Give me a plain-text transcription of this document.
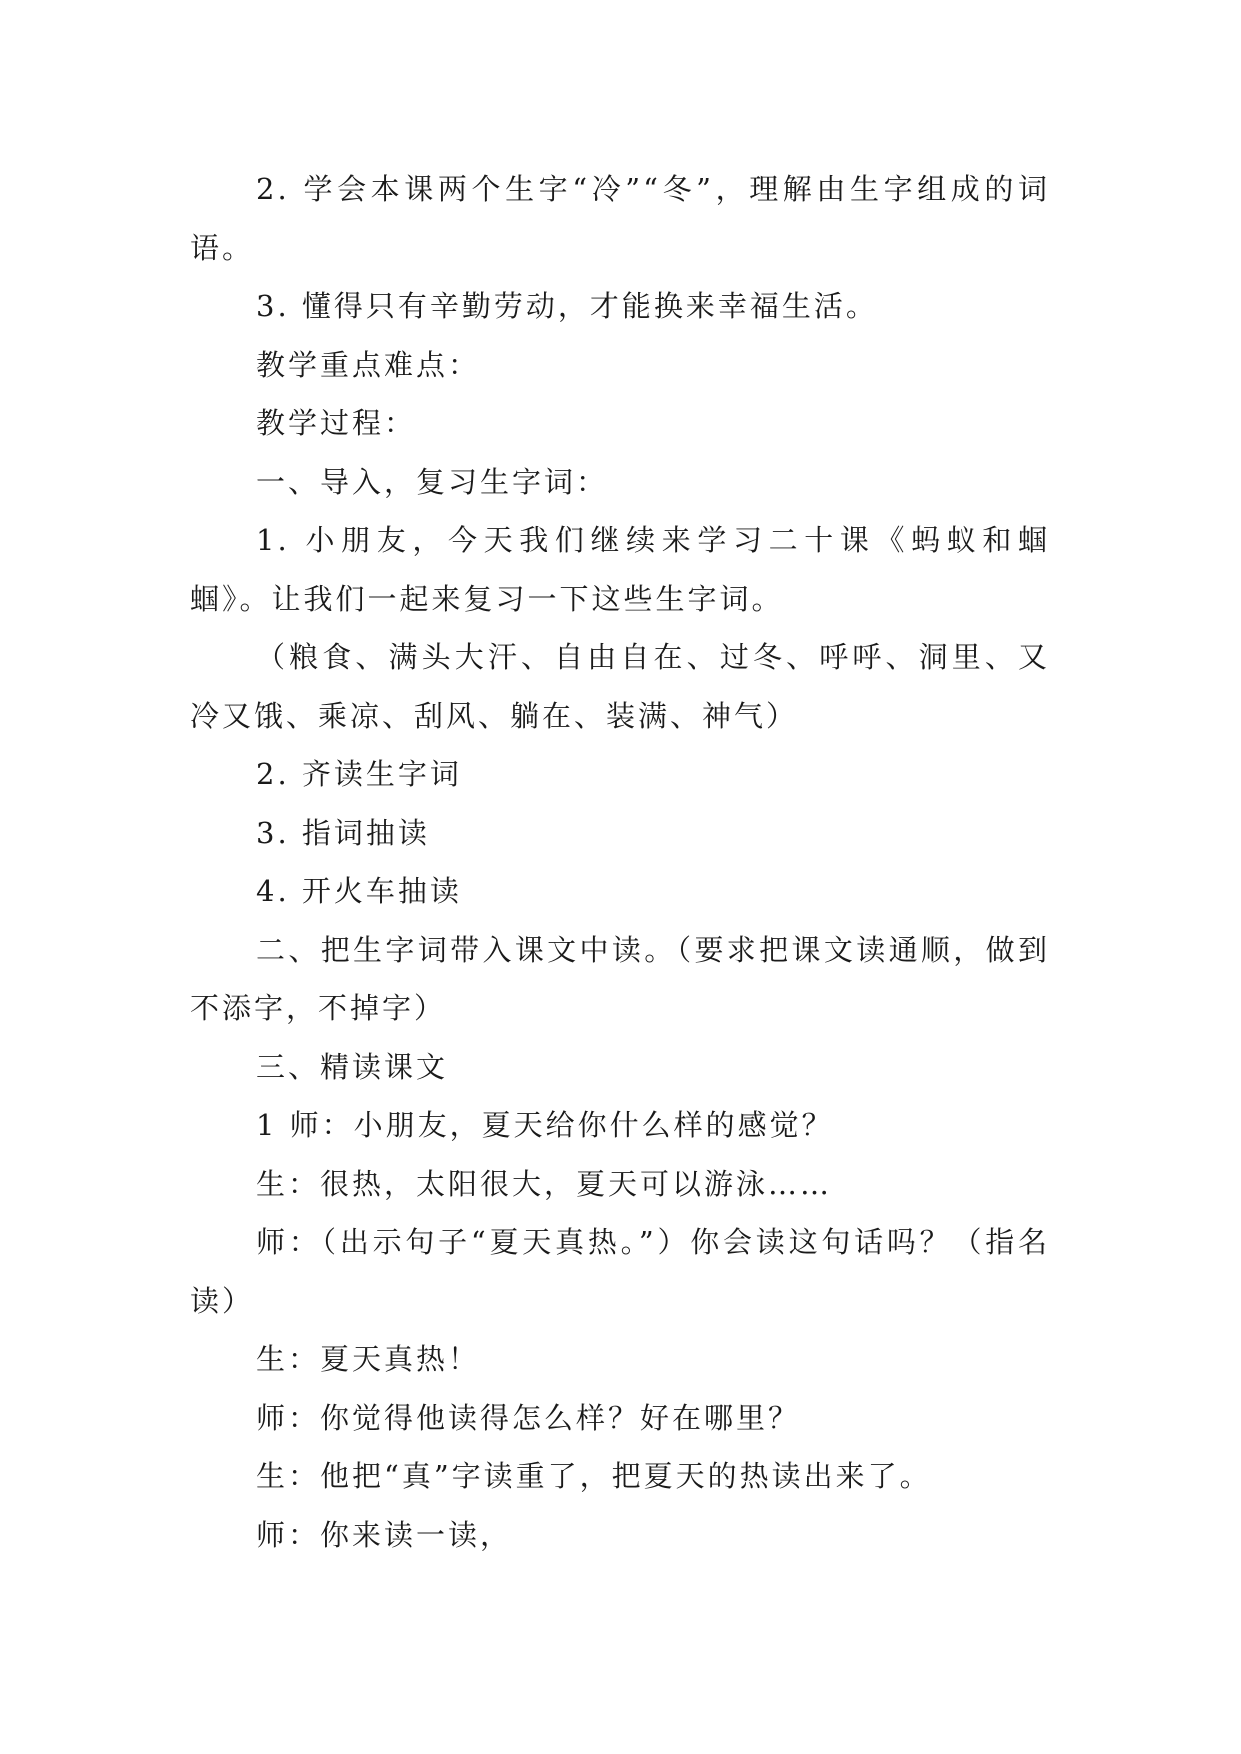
2. 学会本课两个生字“冷”“冬”，理解由生字组成的词语。

3. 懂得只有辛勤劳动，才能换来幸福生活。

教学重点难点：

教学过程：

一、导入，复习生字词：

1. 小朋友，今天我们继续来学习二十课《蚂蚁和蝈蝈》。让我们一起来复习一下这些生字词。

（粮食、满头大汗、自由自在、过冬、呼呼、洞里、又冷又饿、乘凉、刮风、躺在、装满、神气）

2. 齐读生字词

3. 指词抽读

4. 开火车抽读

二、把生字词带入课文中读。（要求把课文读通顺，做到不添字，不掉字）

三、精读课文

1 师：小朋友，夏天给你什么样的感觉？

生：很热，太阳很大，夏天可以游泳……

师：（出示句子“夏天真热。”）你会读这句话吗？（指名读）

生：夏天真热！

师：你觉得他读得怎么样？好在哪里？

生：他把“真”字读重了，把夏天的热读出来了。

师：你来读一读，
